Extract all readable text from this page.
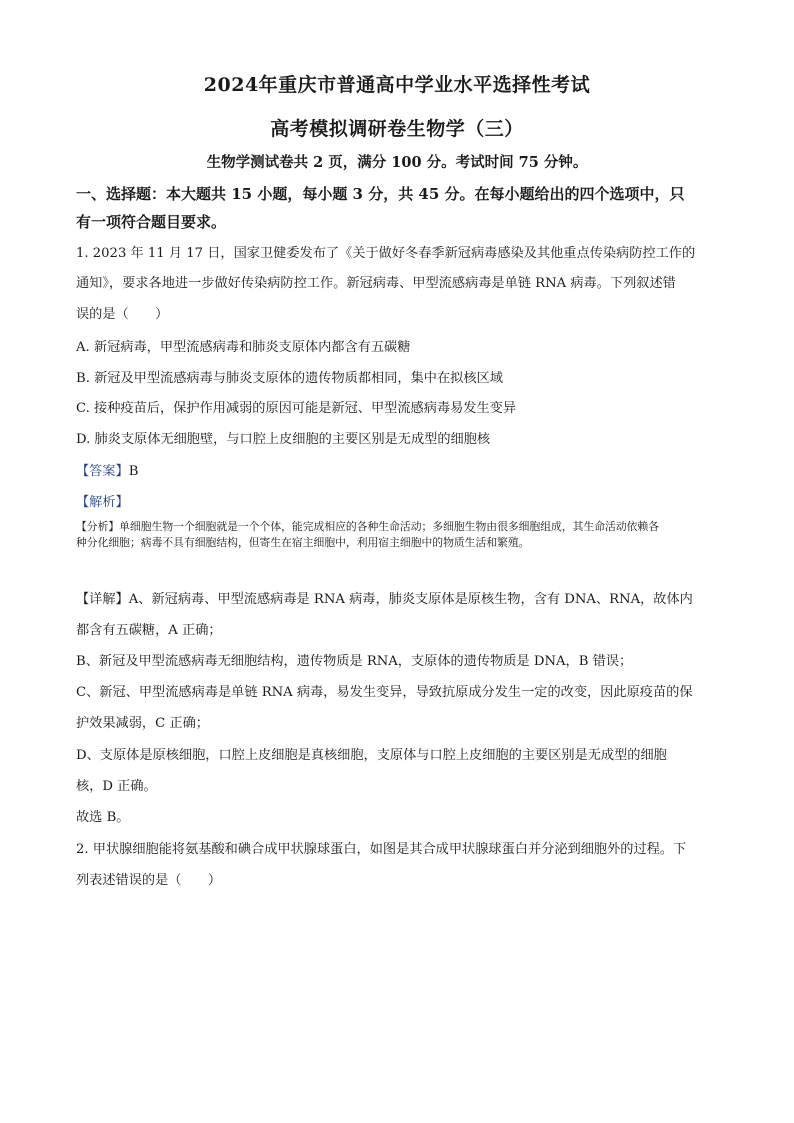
2024年重庆市普通高中学业水平选择性考试
高考模拟调研卷生物学（三）
生物学测试卷共 2 页，满分 100 分。考试时间 75 分钟。
一、选择题：本大题共 15 小题，每小题 3 分，共 45 分。在每小题给出的四个选项中，只
有一项符合题目要求。
1. 2023 年 11 月 17 日，国家卫健委发布了《关于做好冬春季新冠病毒感染及其他重点传染病防控工作的
通知》，要求各地进一步做好传染病防控工作。新冠病毒、甲型流感病毒是单链 RNA 病毒。下列叙述错
误的是（　　）
A. 新冠病毒，甲型流感病毒和肺炎支原体内都含有五碳糖
B. 新冠及甲型流感病毒与肺炎支原体的遗传物质都相同，集中在拟核区域
C. 接种疫苗后，保护作用减弱的原因可能是新冠、甲型流感病毒易发生变异
D. 肺炎支原体无细胞壁，与口腔上皮细胞的主要区别是无成型的细胞核
【答案】B
【解析】
【分析】单细胞生物一个细胞就是一个个体，能完成相应的各种生命活动；多细胞生物由很多细胞组成，其生命活动依赖各
种分化细胞；病毒不具有细胞结构，但寄生在宿主细胞中，利用宿主细胞中的物质生活和繁殖。
【详解】A、新冠病毒、甲型流感病毒是 RNA 病毒，肺炎支原体是原核生物，含有 DNA、RNA，故体内
都含有五碳糖，A 正确；
B、新冠及甲型流感病毒无细胞结构，遗传物质是 RNA，支原体的遗传物质是 DNA，B 错误；
C、新冠、甲型流感病毒是单链 RNA 病毒，易发生变异，导致抗原成分发生一定的改变，因此原疫苗的保
护效果减弱，C 正确；
D、支原体是原核细胞，口腔上皮细胞是真核细胞，支原体与口腔上皮细胞的主要区别是无成型的细胞
核，D 正确。
故选 B。
2. 甲状腺细胞能将氨基酸和碘合成甲状腺球蛋白，如图是其合成甲状腺球蛋白并分泌到细胞外的过程。下
列表述错误的是（　　）
